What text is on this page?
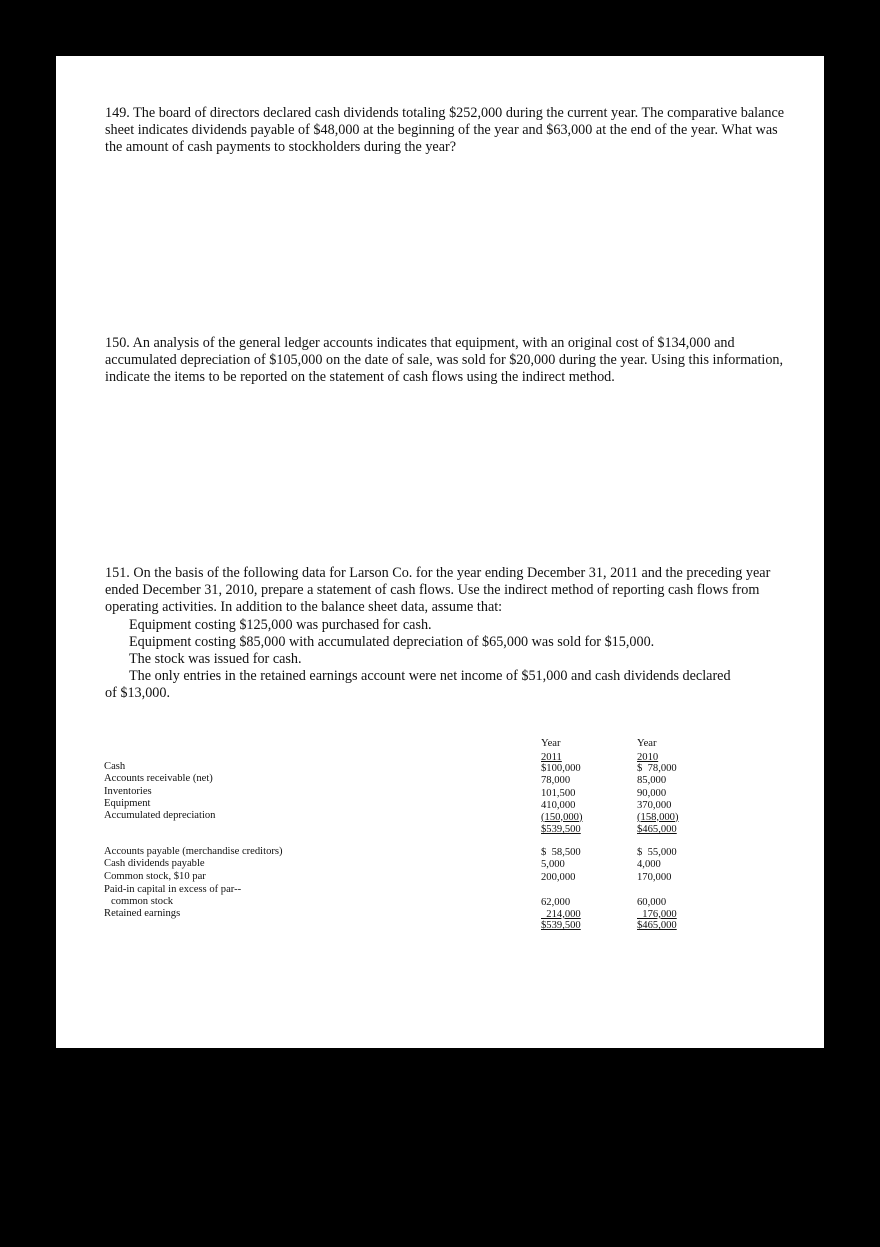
149. The board of directors declared cash dividends totaling $252,000 during the current year. The comparative balance sheet indicates dividends payable of $48,000 at the beginning of the year and $63,000 at the end of the year. What was the amount of cash payments to stockholders during the year?

150. An analysis of the general ledger accounts indicates that equipment, with an original cost of $134,000 and accumulated depreciation of $105,000 on the date of sale, was sold for $20,000 during the year. Using this information, indicate the items to be reported on the statement of cash flows using the indirect method.

151. On the basis of the following data for Larson Co. for the year ending December 31, 2011 and the preceding year ended December 31, 2010, prepare a statement of cash flows. Use the indirect method of reporting cash flows from operating activities. In addition to the balance sheet data, assume that:
Equipment costing $125,000 was purchased for cash.
Equipment costing $85,000 with accumulated depreciation of $65,000 was sold for $15,000.
The stock was issued for cash.
The only entries in the retained earnings account were net income of $51,000 and cash dividends declared
of $13,000.
Cash
Accounts receivable (net)
Inventories
Equipment
Accumulated depreciation
Accounts payable (merchandise creditors)
Cash dividends payable
Common stock, $10 par
Paid-in capital in excess of par--
common stock
Retained earnings
Year
2011
$100,000
78,000
101,500
410,000
(150,000)
$539,500
$  58,500
5,000
200,000
62,000
214,000
$539,500
Year
2010
$  78,000
85,000
90,000
370,000
(158,000)
$465,000
$  55,000
4,000
170,000
60,000
176,000
$465,000
